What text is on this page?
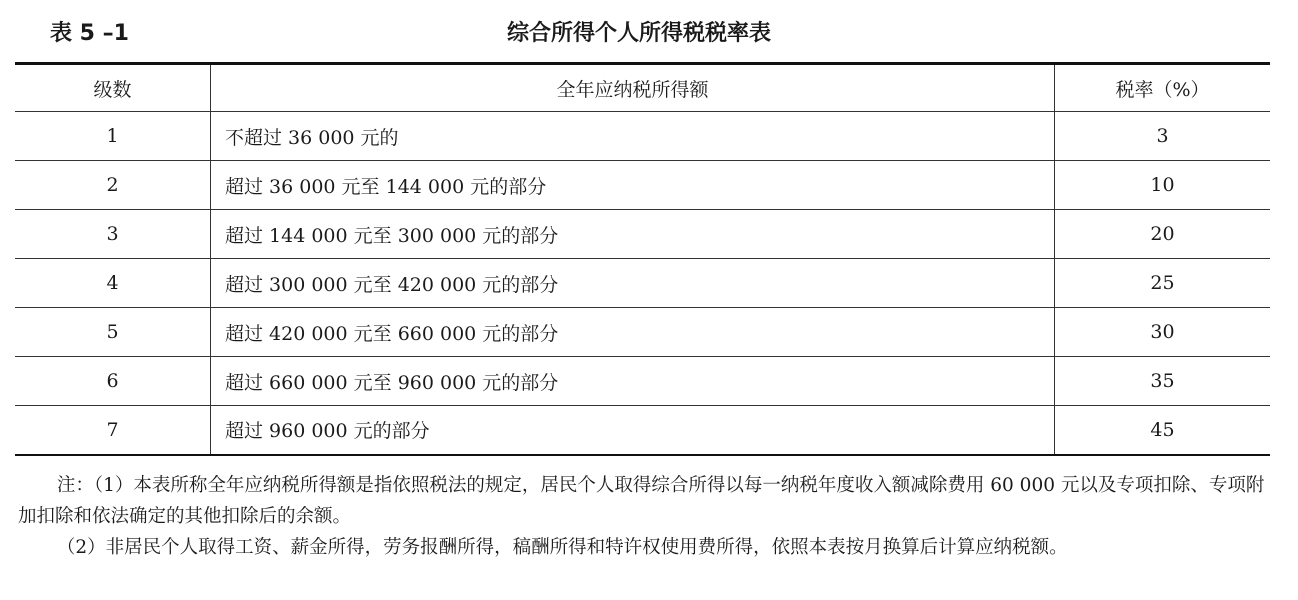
表 5 –1	综合所得个人所得税税率表
级数	全年应纳税所得额	税率（%）
1	不超过 36 000 元的	3
2	超过 36 000 元至 144 000 元的部分	10
3	超过 144 000 元至 300 000 元的部分	20
4	超过 300 000 元至 420 000 元的部分	25
5	超过 420 000 元至 660 000 元的部分	30
6	超过 660 000 元至 960 000 元的部分	35
7	超过 960 000 元的部分	45

注：（1）本表所称全年应纳税所得额是指依照税法的规定，居民个人取得综合所得以每一纳税年度收入额减除费用 60 000 元以及专项扣除、专项附加扣除和依法确定的其他扣除后的余额。

（2）非居民个人取得工资、薪金所得，劳务报酬所得，稿酬所得和特许权使用费所得，依照本表按月换算后计算应纳税额。
